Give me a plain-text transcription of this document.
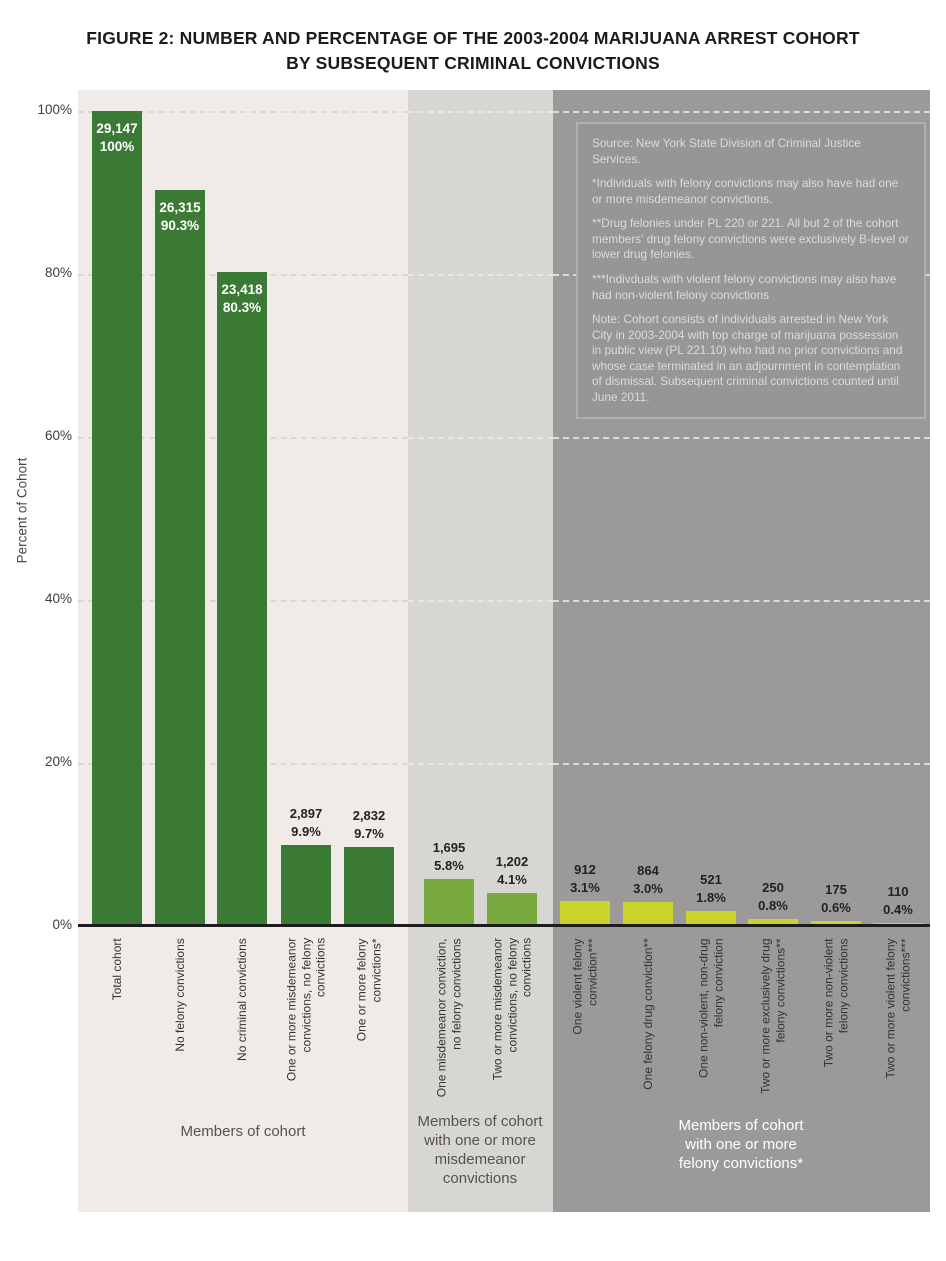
FIGURE 2: NUMBER AND PERCENTAGE OF THE 2003-2004 MARIJUANA ARREST COHORT
BY SUBSEQUENT CRIMINAL CONVICTIONS
100%
80%
60%
40%
20%
0%
Percent of Cohort

Source: New York State Division of Criminal Justice Services.

*Individuals with felony convictions may also have had one or more misdemeanor convictions.

**Drug felonies under PL 220 or 221. All but 2 of the cohort members' drug felony convictions were exclusively B-level or lower drug felonies.

***Indivduals with violent felony convictions may also have had non-violent felony convictions

Note: Cohort consists of individuals arrested in New York City in 2003-2004 with top charge of marijuana possession in public view (PL 221.10) who had no prior convictions and whose case terminated in an adjournment in contemplation of dismissal. Subsequent criminal convictions counted until June 2011.

29,147
100%
26,315
90.3%
23,418
80.3%
2,897
9.9%
2,832
9.7%
1,695
5.8%	1,202
4.1%
912
3.1%
864
3.0%
521
1.8%
250
0.8%
175
0.6%
110
0.4%
Total cohort	No felony convictions	No criminal convictions	One or more misdemeanor convictions, no felony convictions One or more felony convictions*	One misdemeanor conviction, no felony convictions Two or more misdemeanor convictions, no felony convictions	One violent felony conviction***	One felony drug conviction**	One non-violent, non-drug felony conviction	Two or more exclusively drug felony convictions**	Two or more non-violent felony convictions	Two or more violent felony convictions***
Members of cohort
Members of cohort with one or more misdemeanor convictions
Members of cohort with one or more felony convictions*
